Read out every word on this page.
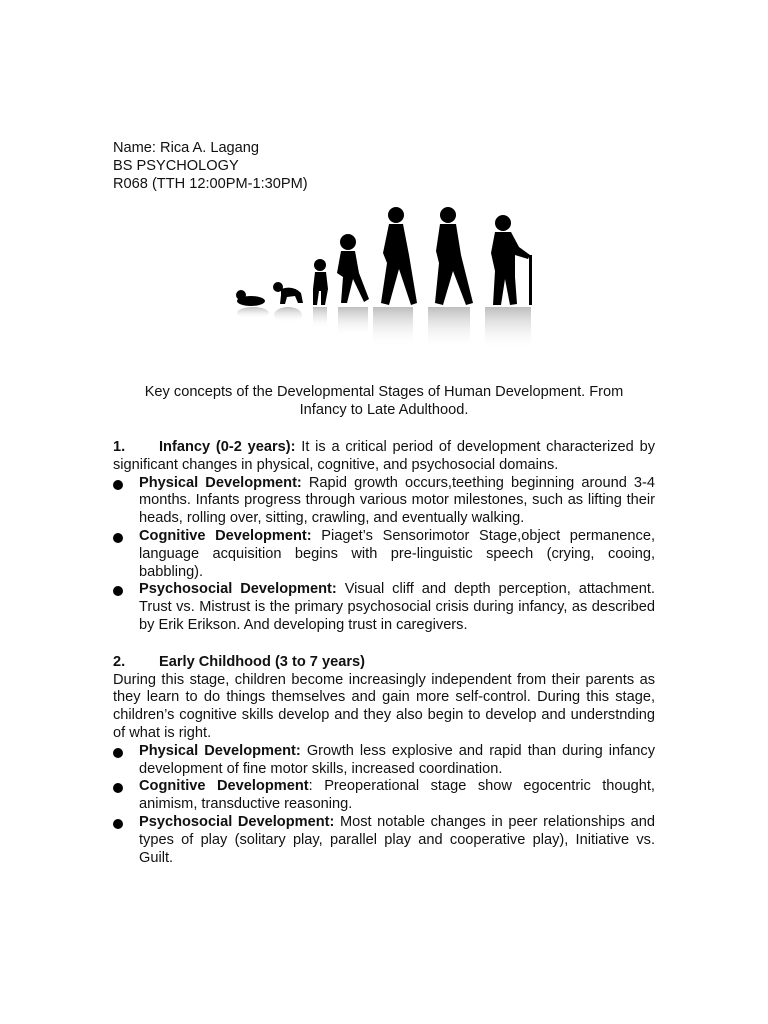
Name: Rica A. Lagang
BS PSYCHOLOGY
R068 (TTH 12:00PM-1:30PM)
Key concepts of the Developmental Stages of Human Development. From Infancy to Late Adulthood.
1. Infancy (0-2 years): It is a critical period of development characterized by significant changes in physical, cognitive, and psychosocial domains.
Physical Development: Rapid growth occurs,teething beginning around 3-4 months. Infants progress through various motor milestones, such as lifting their heads, rolling over, sitting, crawling, and eventually walking.
Cognitive Development: Piaget’s Sensorimotor Stage,object permanence, language acquisition begins with pre-linguistic speech (crying, cooing, babbling).
Psychosocial Development: Visual cliff and depth perception, attachment. Trust vs. Mistrust is the primary psychosocial crisis during infancy, as described by Erik Erikson. And developing trust in caregivers.
2. Early Childhood (3 to 7 years)
During this stage, children become increasingly independent from their parents as they learn to do things themselves and gain more self-control. During this stage, children’s cognitive skills develop and they also begin to develop and understnding of what is right.
Physical Development: Growth less explosive and rapid than during infancy development of fine motor skills, increased coordination.
Cognitive Development: Preoperational stage show egocentric thought, animism, transductive reasoning.
Psychosocial Development: Most notable changes in peer relationships and types of play (solitary play, parallel play and cooperative play), Initiative vs. Guilt.
